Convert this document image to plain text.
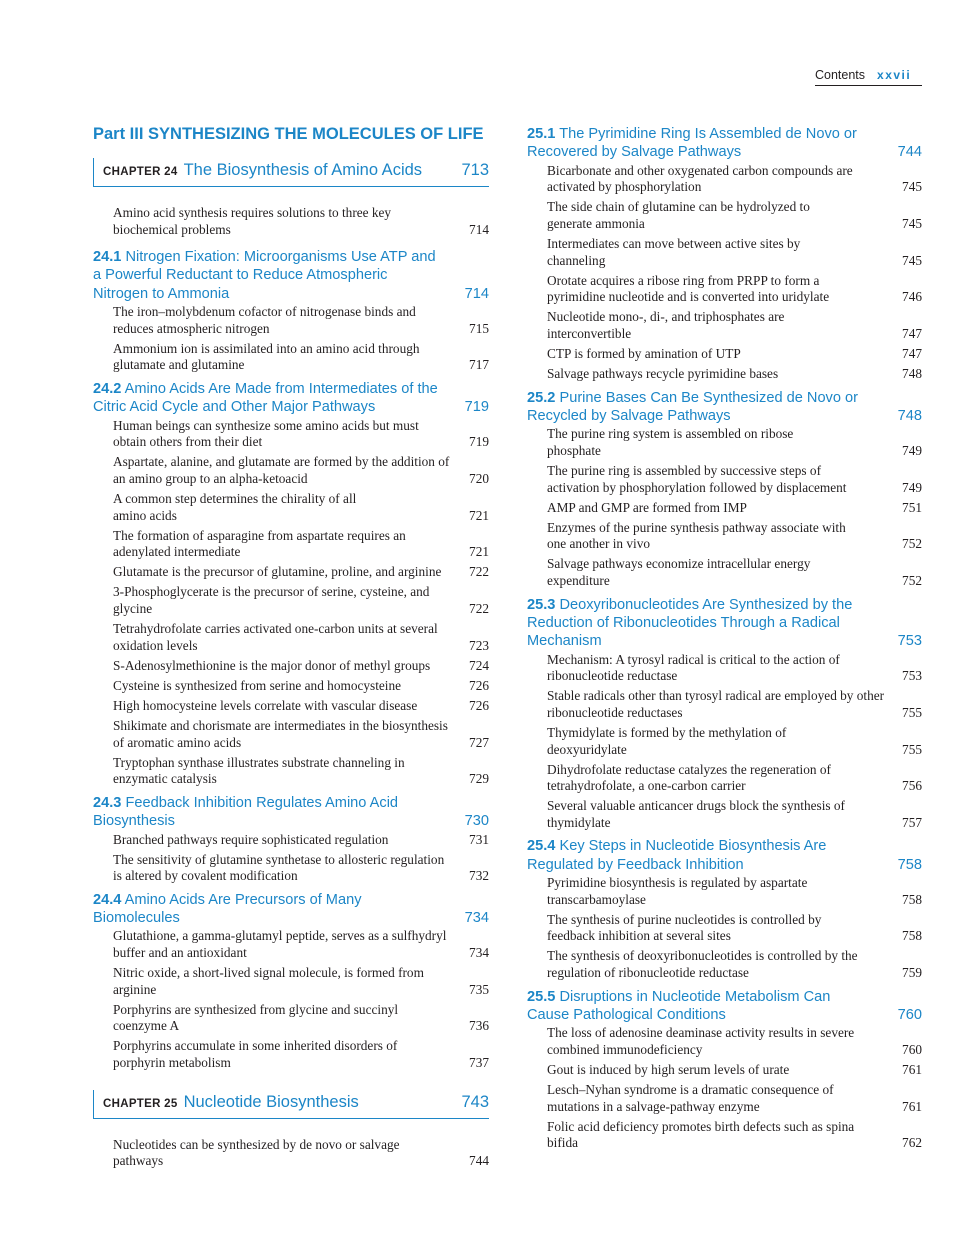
Contents xxvii
Part III SYNTHESIZING THE MOLECULES OF LIFE
CHAPTER 24 The Biosynthesis of Amino Acids 713
Amino acid synthesis requires solutions to three key biochemical problems	714
24.1 Nitrogen Fixation: Microorganisms Use ATP and a Powerful Reductant to Reduce Atmospheric Nitrogen to Ammonia	714
The iron–molybdenum cofactor of nitrogenase binds and reduces atmospheric nitrogen	715
Ammonium ion is assimilated into an amino acid through glutamate and glutamine	717
24.2 Amino Acids Are Made from Intermediates of the Citric Acid Cycle and Other Major Pathways	719
Human beings can synthesize some amino acids but must obtain others from their diet	719
Aspartate, alanine, and glutamate are formed by the addition of an amino group to an alpha-ketoacid	720
A common step determines the chirality of all amino acids	721
The formation of asparagine from aspartate requires an adenylated intermediate	721
Glutamate is the precursor of glutamine, proline, and arginine	722
3-Phosphoglycerate is the precursor of serine, cysteine, and glycine	722
Tetrahydrofolate carries activated one-carbon units at several oxidation levels	723
S-Adenosylmethionine is the major donor of methyl groups	724
Cysteine is synthesized from serine and homocysteine	726
High homocysteine levels correlate with vascular disease	726
Shikimate and chorismate are intermediates in the biosynthesis of aromatic amino acids	727
Tryptophan synthase illustrates substrate channeling in enzymatic catalysis	729
24.3 Feedback Inhibition Regulates Amino Acid Biosynthesis	730
Branched pathways require sophisticated regulation	731
The sensitivity of glutamine synthetase to allosteric regulation is altered by covalent modification	732
24.4 Amino Acids Are Precursors of Many Biomolecules	734
Glutathione, a gamma-glutamyl peptide, serves as a sulfhydryl buffer and an antioxidant	734
Nitric oxide, a short-lived signal molecule, is formed from arginine	735
Porphyrins are synthesized from glycine and succinyl coenzyme A	736
Porphyrins accumulate in some inherited disorders of porphyrin metabolism	737
CHAPTER 25 Nucleotide Biosynthesis	743
Nucleotides can be synthesized by de novo or salvage pathways	744
25.1 The Pyrimidine Ring Is Assembled de Novo or Recovered by Salvage Pathways	744
Bicarbonate and other oxygenated carbon compounds are activated by phosphorylation	745
The side chain of glutamine can be hydrolyzed to generate ammonia	745
Intermediates can move between active sites by channeling	745
Orotate acquires a ribose ring from PRPP to form a pyrimidine nucleotide and is converted into uridylate	746
Nucleotide mono-, di-, and triphosphates are interconvertible	747
CTP is formed by amination of UTP	747
Salvage pathways recycle pyrimidine bases	748
25.2 Purine Bases Can Be Synthesized de Novo or Recycled by Salvage Pathways	748
The purine ring system is assembled on ribose phosphate	749
The purine ring is assembled by successive steps of activation by phosphorylation followed by displacement	749
AMP and GMP are formed from IMP	751
Enzymes of the purine synthesis pathway associate with one another in vivo	752
Salvage pathways economize intracellular energy expenditure	752
25.3 Deoxyribonucleotides Are Synthesized by the Reduction of Ribonucleotides Through a Radical Mechanism	753
Mechanism: A tyrosyl radical is critical to the action of ribonucleotide reductase	753
Stable radicals other than tyrosyl radical are employed by other ribonucleotide reductases	755
Thymidylate is formed by the methylation of deoxyuridylate	755
Dihydrofolate reductase catalyzes the regeneration of tetrahydrofolate, a one-carbon carrier	756
Several valuable anticancer drugs block the synthesis of thymidylate	757
25.4 Key Steps in Nucleotide Biosynthesis Are Regulated by Feedback Inhibition	758
Pyrimidine biosynthesis is regulated by aspartate transcarbamoylase	758
The synthesis of purine nucleotides is controlled by feedback inhibition at several sites	758
The synthesis of deoxyribonucleotides is controlled by the regulation of ribonucleotide reductase	759
25.5 Disruptions in Nucleotide Metabolism Can Cause Pathological Conditions	760
The loss of adenosine deaminase activity results in severe combined immunodeficiency	760
Gout is induced by high serum levels of urate	761
Lesch–Nyhan syndrome is a dramatic consequence of mutations in a salvage-pathway enzyme	761
Folic acid deficiency promotes birth defects such as spina bifida	762
